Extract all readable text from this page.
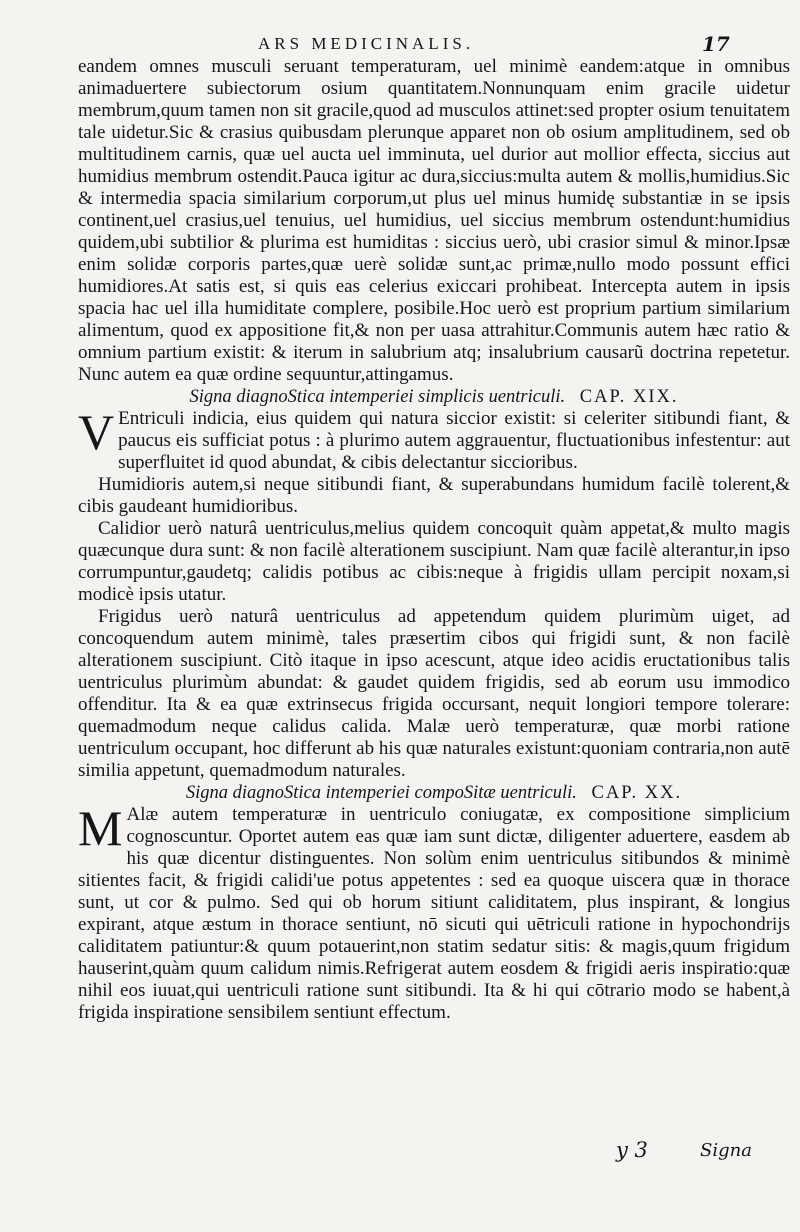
ARS MEDICINALIS.	17

eandem omnes musculi seruant temperaturam, uel minimè eandem:atque in omnibus animaduertere subiectorum osium quantitatem.Nonnunquam enim gracile uidetur membrum,quum tamen non sit gracile,quod ad musculos attinet:sed propter osium tenuitatem tale uidetur.Sic & crasius quibusdam plerunque apparet non ob osium amplitudinem, sed ob multitudinem carnis, quæ uel aucta uel imminuta, uel durior aut mollior effecta, siccius aut humidius membrum ostendit.Pauca igitur ac dura,siccius:multa autem & mollis,humidius.Sic & intermedia spacia similarium corporum,ut plus uel minus humidę substantiæ in se ipsis continent,uel crasius,uel tenuius, uel humidius, uel siccius membrum ostendunt:humidius quidem,ubi subtilior & plurima est humiditas : siccius uerò, ubi crasior simul & minor.Ipsæ enim solidæ corporis partes,quæ uerè solidæ sunt,ac primæ,nullo modo possunt effici humidiores.At satis est, si quis eas celerius exiccari prohibeat. Intercepta autem in ipsis spacia hac uel illa humiditate complere, posibile.Hoc uerò est proprium partium similarium alimentum, quod ex appositione fit,& non per uasa attrahitur.Communis autem hæc ratio & omnium partium existit: & iterum in salubrium atq; insalubrium causarũ doctrina repetetur. Nunc autem ea quæ ordine sequuntur,attingamus.

Signa diagnoStica intemperiei simplicis uentriculi. CAP. XIX.

V Entriculi indicia, eius quidem qui natura siccior existit: si celeriter sitibundi fiant, & paucus eis sufficiat potus : à plurimo autem aggrauentur, fluctuationibus infestentur: aut superfluitet id quod abundat, & cibis delectantur siccioribus.

Humidioris autem,si neque sitibundi fiant, & superabundans humidum facilè tolerent,& cibis gaudeant humidioribus.

Calidior uerò naturâ uentriculus,melius quidem concoquit quàm appetat,& multo magis quæcunque dura sunt: & non facilè alterationem suscipiunt. Nam quæ facilè alterantur,in ipso corrumpuntur,gaudetq; calidis potibus ac cibis:neque à frigidis ullam percipit noxam,si modicè ipsis utatur.

Frigidus uerò naturâ uentriculus ad appetendum quidem plurimùm uiget, ad concoquendum autem minimè, tales præsertim cibos qui frigidi sunt, & non facilè alterationem suscipiunt. Citò itaque in ipso acescunt, atque ideo acidis eructationibus talis uentriculus plurimùm abundat: & gaudet quidem frigidis, sed ab eorum usu immodico offenditur. Ita & ea quæ extrinsecus frigida occursant, nequit longiori tempore tolerare: quemadmodum neque calidus calida. Malæ uerò temperaturæ, quæ morbi ratione uentriculum occupant, hoc differunt ab his quæ naturales existunt:quoniam contraria,non autē similia appetunt, quemadmodum naturales.

Signa diagnoStica intemperiei compoSitæ uentriculi. CAP. XX.

M Alæ autem temperaturæ in uentriculo coniugatæ, ex compositione simplicium cognoscuntur. Oportet autem eas quæ iam sunt dictæ, diligenter aduertere, easdem ab his quæ dicentur distinguentes. Non solùm enim uentriculus sitibundos & minimè sitientes facit, & frigidi calidi'ue potus appetentes : sed ea quoque uiscera quæ in thorace sunt, ut cor & pulmo. Sed qui ob horum sitiunt caliditatem, plus inspirant, & longius expirant, atque æstum in thorace sentiunt, nō sicuti qui uētriculi ratione in hypochondrijs caliditatem patiuntur:& quum potauerint,non statim sedatur sitis: & magis,quum frigidum hauserint,quàm quum calidum nimis.Refrigerat autem eosdem & frigidi aeris inspiratio:quæ nihil eos iuuat,qui uentriculi ratione sunt sitibundi. Ita & hi qui cōtrario modo se habent,à frigida inspiratione sensibilem sentiunt effectum.

y 3	Signa
